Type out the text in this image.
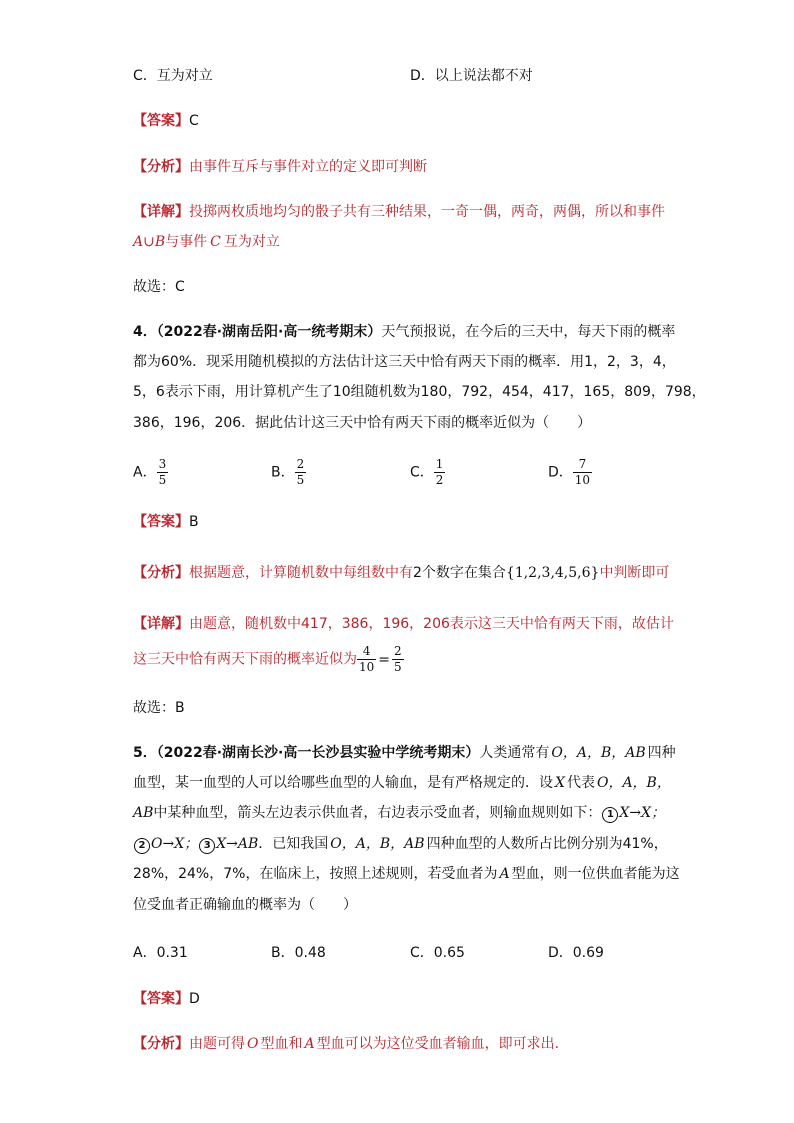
C．互为对立	D．以上说法都不对
【答案】C
【分析】由事件互斥与事件对立的定义即可判断
【详解】投掷两枚质地均匀的骰子共有三种结果，一奇一偶，两奇，两偶，所以和事件
A∪B与事件 C 互为对立
故选：C
4．（2022春·湖南岳阳·高一统考期末）天气预报说，在今后的三天中，每天下雨的概率
都为60%．现采用随机模拟的方法估计这三天中恰有两天下雨的概率．用1，2，3，4，
5，6表示下雨，用计算机产生了10组随机数为180，792，454，417，165，809，798，
386，196，206．据此估计这三天中恰有两天下雨的概率近似为（　　）
A． $\frac{3}{5}$	B． $\frac{2}{5}$	C． $\frac{1}{2}$	D． $\frac{7}{10}$
【答案】B
【分析】根据题意，计算随机数中每组数中有2个数字在集合{1,2,3,4,5,6}中判断即可
【详解】由题意，随机数中417，386，196，206表示这三天中恰有两天下雨，故估计
这三天中恰有两天下雨的概率近似为 $\frac{4}{10} = \frac{2}{5}$
故选：B
5．（2022春·湖南长沙·高一长沙县实验中学统考期末）人类通常有 O，A，B，AB 四种
血型，某一血型的人可以给哪些血型的人输血，是有严格规定的．设 X 代表 O，A，B，
AB中某种血型，箭头左边表示供血者，右边表示受血者，则输血规则如下： 1 X→X；
2 O→X； 3 X→AB．已知我国 O，A，B，AB 四种血型的人数所占比例分别为41%，
28%，24%，7%，在临床上，按照上述规则，若受血者为 A 型血，则一位供血者能为这
位受血者正确输血的概率为（　　）
A．0.31	B．0.48	C．0.65	D．0.69
【答案】D
【分析】由题可得 O 型血和 A 型血可以为这位受血者输血，即可求出.
